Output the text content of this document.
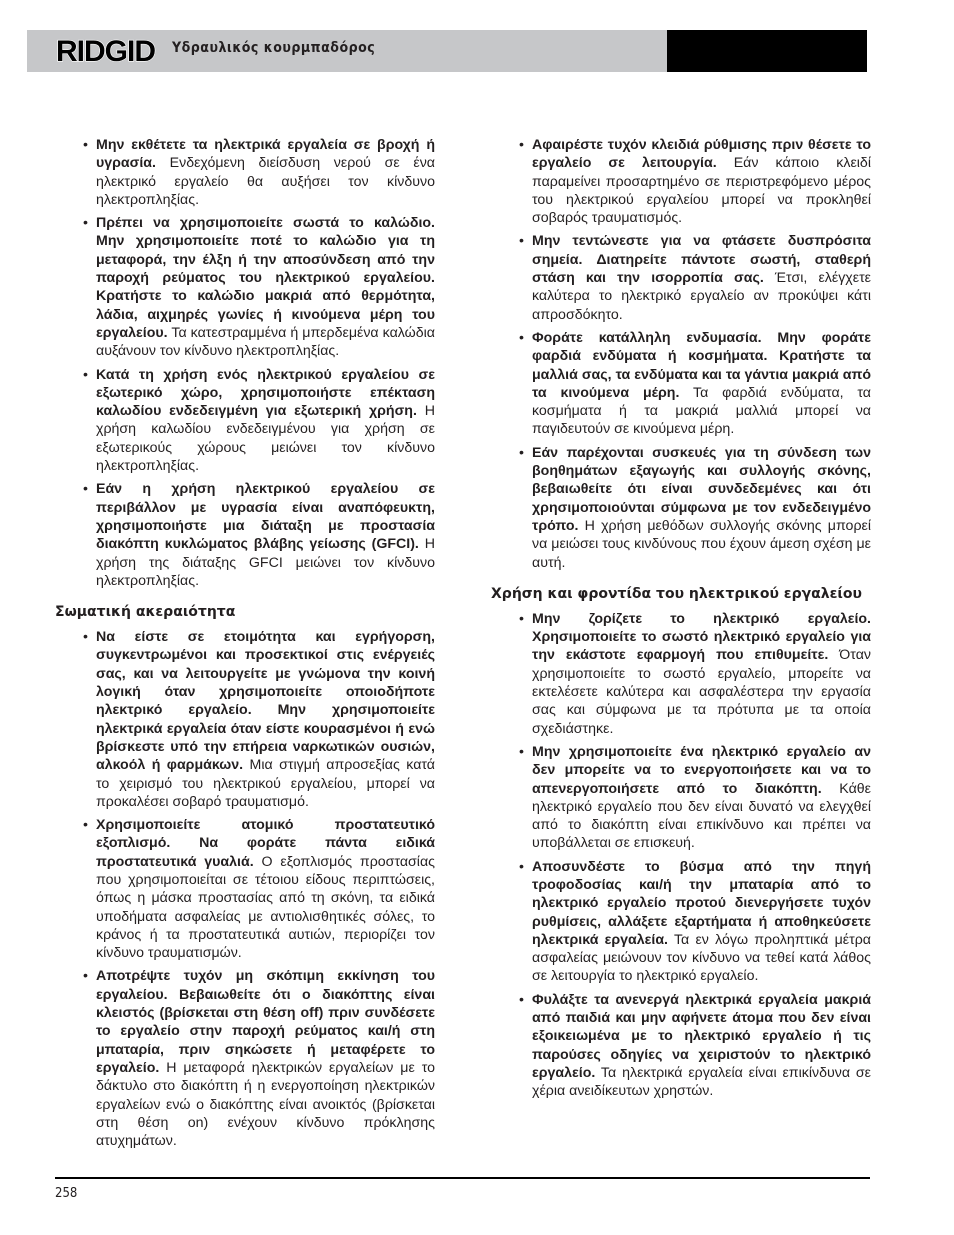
RIDGID Υδραυλικός κουρμπαδόρος
• Μην εκθέτετε τα ηλεκτρικά εργαλεία σε βροχή ή υγρασία. Ενδεχόμενη διείσδυση νερού σε ένα ηλεκτρικό εργαλείο θα αυξήσει τον κίνδυνο ηλεκτροπληξίας.
• Πρέπει να χρησιμοποιείτε σωστά το καλώδιο. Μην χρησιμοποιείτε ποτέ το καλώδιο για τη μεταφορά, την έλξη ή την αποσύνδεση από την παροχή ρεύματος του ηλεκτρικού εργαλείου. Κρατήστε το καλώδιο μακριά από θερμότητα, λάδια, αιχμηρές γωνίες ή κινούμενα μέρη του εργαλείου. Τα κατεστραμμένα ή μπερδεμένα καλώδια αυξάνουν τον κίνδυνο ηλεκτροπληξίας.
• Κατά τη χρήση ενός ηλεκτρικού εργαλείου σε εξωτερικό χώρο, χρησιμοποιήστε επέκταση καλωδίου ενδεδειγμένη για εξωτερική χρήση. Η χρήση καλωδίου ενδεδειγμένου για χρήση σε εξωτερικούς χώρους μειώνει τον κίνδυνο ηλεκτροπληξίας.
• Εάν η χρήση ηλεκτρικού εργαλείου σε περιβάλλον με υγρασία είναι αναπόφευκτη, χρησιμοποιήστε μια διάταξη με προστασία διακόπτη κυκλώματος βλάβης γείωσης (GFCI). Η χρήση της διάταξης GFCI μειώνει τον κίνδυνο ηλεκτροπληξίας.
Σωματική ακεραιότητα
• Να είστε σε ετοιμότητα και εγρήγορση, συγκεντρωμένοι και προσεκτικοί στις ενέργειές σας, και να λειτουργείτε με γνώμονα την κοινή λογική όταν χρησιμοποιείτε οποιοδήποτε ηλεκτρικό εργαλείο. Μην χρησιμοποιείτε ηλεκτρικά εργαλεία όταν είστε κουρασμένοι ή ενώ βρίσκεστε υπό την επήρεια ναρκωτικών ουσιών, αλκοόλ ή φαρμάκων. Μια στιγμή απροσεξίας κατά το χειρισμό του ηλεκτρικού εργαλείου, μπορεί να προκαλέσει σοβαρό τραυματισμό.
• Χρησιμοποιείτε ατομικό προστατευτικό εξοπλισμό. Να φοράτε πάντα ειδικά προστατευτικά γυαλιά. Ο εξοπλισμός προστασίας που χρησιμοποιείται σε τέτοιου είδους περιπτώσεις, όπως η μάσκα προστασίας από τη σκόνη, τα ειδικά υποδήματα ασφαλείας με αντιολισθητικές σόλες, το κράνος ή τα προστατευτικά αυτιών, περιορίζει τον κίνδυνο τραυματισμών.
• Αποτρέψτε τυχόν μη σκόπιμη εκκίνηση του εργαλείου. Βεβαιωθείτε ότι ο διακόπτης είναι κλειστός (βρίσκεται στη θέση off) πριν συνδέσετε το εργαλείο στην παροχή ρεύματος και/ή στη μπαταρία, πριν σηκώσετε ή μεταφέρετε το εργαλείο. Η μεταφορά ηλεκτρικών εργαλείων με το δάκτυλο στο διακόπτη ή η ενεργοποίηση ηλεκτρικών εργαλείων ενώ ο διακόπτης είναι ανοικτός (βρίσκεται στη θέση on) ενέχουν κίνδυνο πρόκλησης ατυχημάτων.
• Αφαιρέστε τυχόν κλειδιά ρύθμισης πριν θέσετε το εργαλείο σε λειτουργία. Εάν κάποιο κλειδί παραμείνει προσαρτημένο σε περιστρεφόμενο μέρος του ηλεκτρικού εργαλείου μπορεί να προκληθεί σοβαρός τραυματισμός.
• Μην τεντώνεστε για να φτάσετε δυσπρόσιτα σημεία. Διατηρείτε πάντοτε σωστή, σταθερή στάση και την ισορροπία σας. Έτσι, ελέγχετε καλύτερα το ηλεκτρικό εργαλείο αν προκύψει κάτι απροσδόκητο.
• Φοράτε κατάλληλη ενδυμασία. Μην φοράτε φαρδιά ενδύματα ή κοσμήματα. Κρατήστε τα μαλλιά σας, τα ενδύματα και τα γάντια μακριά από τα κινούμενα μέρη. Τα φαρδιά ενδύματα, τα κοσμήματα ή τα μακριά μαλλιά μπορεί να παγιδευτούν σε κινούμενα μέρη.
• Εάν παρέχονται συσκευές για τη σύνδεση των βοηθημάτων εξαγωγής και συλλογής σκόνης, βεβαιωθείτε ότι είναι συνδεδεμένες και ότι χρησιμοποιούνται σύμφωνα με τον ενδεδειγμένο τρόπο. Η χρήση μεθόδων συλλογής σκόνης μπορεί να μειώσει τους κινδύνους που έχουν άμεση σχέση με αυτή.
Χρήση και φροντίδα του ηλεκτρικού εργαλείου
• Μην ζορίζετε το ηλεκτρικό εργαλείο. Χρησιμοποιείτε το σωστό ηλεκτρικό εργαλείο για την εκάστοτε εφαρμογή που επιθυμείτε. Όταν χρησιμοποιείτε το σωστό εργαλείο, μπορείτε να εκτελέσετε καλύτερα και ασφαλέστερα την εργασία σας και σύμφωνα με τα πρότυπα με τα οποία σχεδιάστηκε.
• Μην χρησιμοποιείτε ένα ηλεκτρικό εργαλείο αν δεν μπορείτε να το ενεργοποιήσετε και να το απενεργοποιήσετε από το διακόπτη. Κάθε ηλεκτρικό εργαλείο που δεν είναι δυνατό να ελεγχθεί από το διακόπτη είναι επικίνδυνο και πρέπει να υποβάλλεται σε επισκευή.
• Αποσυνδέστε το βύσμα από την πηγή τροφοδοσίας και/ή την μπαταρία από το ηλεκτρικό εργαλείο προτού διενεργήσετε τυχόν ρυθμίσεις, αλλάξετε εξαρτήματα ή αποθηκεύσετε ηλεκτρικά εργαλεία. Τα εν λόγω προληπτικά μέτρα ασφαλείας μειώνουν τον κίνδυνο να τεθεί κατά λάθος σε λειτουργία το ηλεκτρικό εργαλείο.
• Φυλάξτε τα ανενεργά ηλεκτρικά εργαλεία μακριά από παιδιά και μην αφήνετε άτομα που δεν είναι εξοικειωμένα με το ηλεκτρικό εργαλείο ή τις παρούσες οδηγίες να χειριστούν το ηλεκτρικό εργαλείο. Τα ηλεκτρικά εργαλεία είναι επικίνδυνα σε χέρια ανειδίκευτων χρηστών.
258
